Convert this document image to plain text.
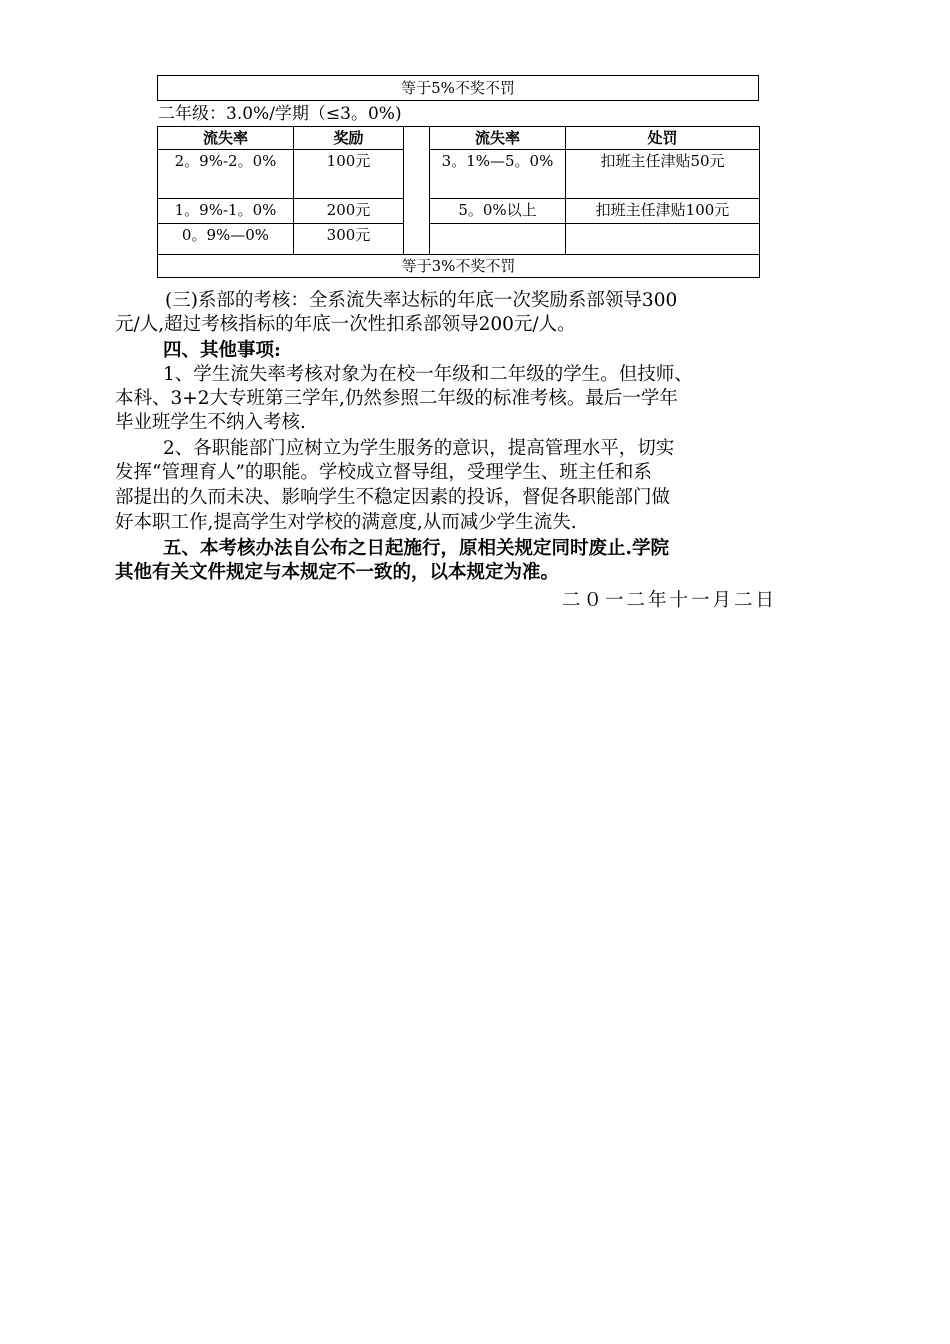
等于5%不奖不罚
二年级：3.0%/学期（≤3。0%)
流失率	奖励		流失率	处罚
2。9%-2。0%	100元		3。1%—5。0%	扣班主任津贴50元
1。9%-1。0%	200元		5。0%以上	扣班主任津贴100元
0。9%—0%	300元			
等于3%不奖不罚				
(三)系部的考核：全系流失率达标的年底一次奖励系部领导300
元/人,超过考核指标的年底一次性扣系部领导200元/人。
四、其他事项:
1、学生流失率考核对象为在校一年级和二年级的学生。但技师、
本科、3+2大专班第三学年,仍然参照二年级的标准考核。最后一学年
毕业班学生不纳入考核.
2、各职能部门应树立为学生服务的意识，提高管理水平，切实
发挥“管理育人”的职能。学校成立督导组，受理学生、班主任和系
部提出的久而未决、影响学生不稳定因素的投诉，督促各职能部门做
好本职工作,提高学生对学校的满意度,从而减少学生流失.
五、本考核办法自公布之日起施行，原相关规定同时废止.学院
其他有关文件规定与本规定不一致的，以本规定为准。
二０一二年十一月二日
